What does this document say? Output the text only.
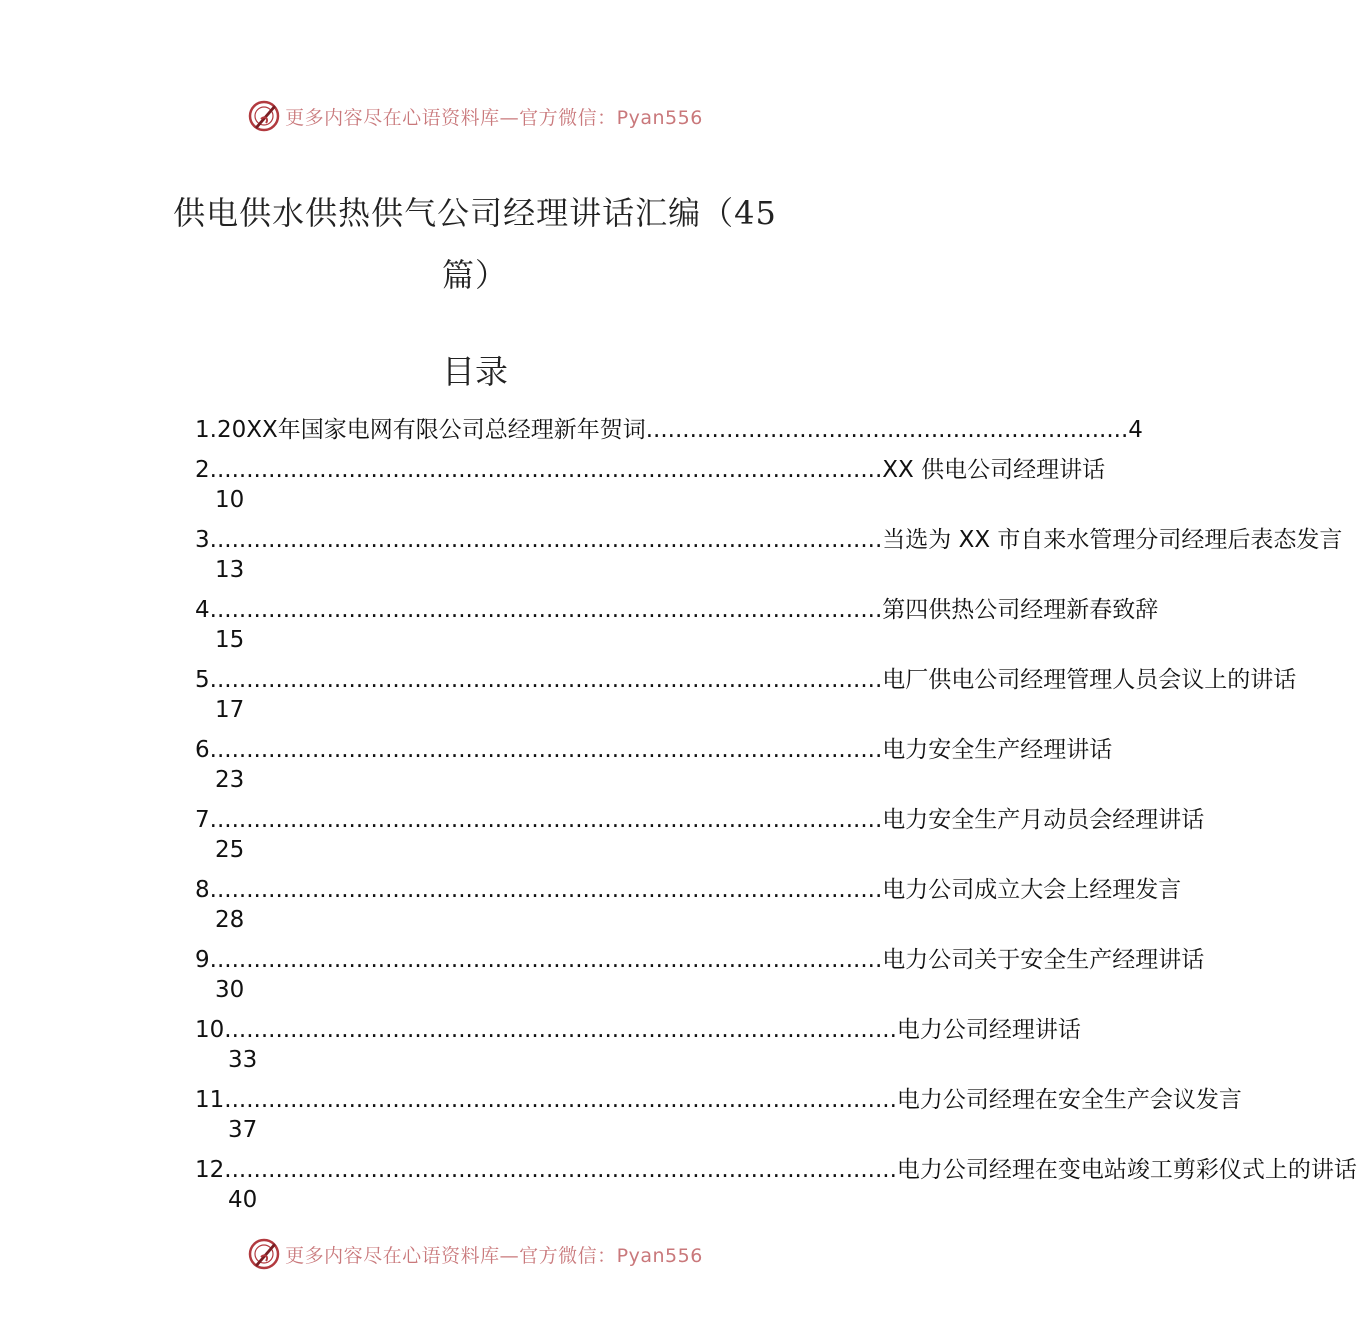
更多内容尽在心语资料库—官方微信：Pyan556
供电供水供热供气公司经理讲话汇编（45篇）
目录
1.20XX 年国家电网有限公司总经理新年贺词 .................................................................. 4
2 ............................................................................................ XX 供电公司经理讲话
10
3 ............................................................................................ 当选为 XX 市自来水管理分司经理后表态发言
13
4 ............................................................................................ 第四供热公司经理新春致辞
15
5 ............................................................................................ 电厂供电公司经理管理人员会议上的讲话
17
6 ............................................................................................ 电力安全生产经理讲话
23
7 ............................................................................................ 电力安全生产月动员会经理讲话
25
8 ............................................................................................ 电力公司成立大会上经理发言
28
9 ............................................................................................ 电力公司关于安全生产经理讲话
30
10 ............................................................................................ 电力公司经理讲话
33
11 ............................................................................................ 电力公司经理在安全生产会议发言
37
12 ............................................................................................ 电力公司经理在变电站竣工剪彩仪式上的讲话
40
更多内容尽在心语资料库—官方微信：Pyan556
